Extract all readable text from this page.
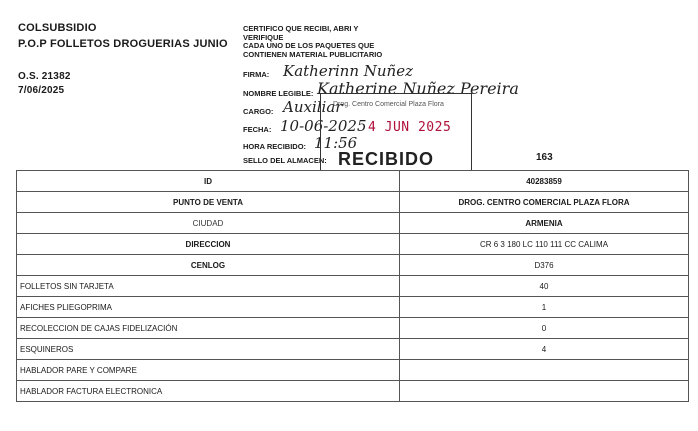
COLSUBSIDIO
P.O.P FOLLETOS DROGUERIAS JUNIO
O.S. 21382
7/06/2025
CERTIFICO QUE RECIBI, ABRI Y
VERIFIQUE
CADA UNO DE LOS PAQUETES QUE
CONTIENEN MATERIAL PUBLICITARIO
FIRMA: Katherinn Nuñez
NOMBRE LEGIBLE: Katherine Nuñez Pereira
CARGO: Auxiliar
FECHA: 10-06-2025
HORA RECIBIDO: 11:56
SELLO DEL ALMACEN:
Drog. Centro Comercial Plaza Flora
4 JUN 2025
RECIBIDO	163
ID	40283859
PUNTO DE VENTA	DROG. CENTRO COMERCIAL PLAZA FLORA
CIUDAD	ARMENIA
DIRECCION	CR 6 3 180 LC 110 111 CC CALIMA
CENLOG	D376
FOLLETOS SIN TARJETA	40
AFICHES PLIEGOPRIMA	1
RECOLECCION DE CAJAS FIDELIZACIÓN	0
ESQUINEROS	4
HABLADOR PARE Y COMPARE	
HABLADOR FACTURA ELECTRONICA	
